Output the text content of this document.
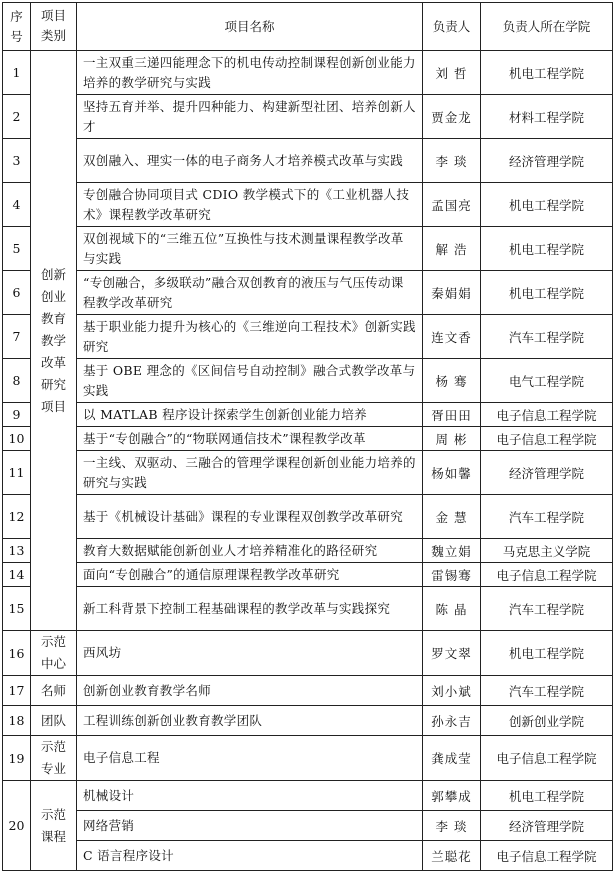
序号	项目类别	项目名称	负责人	负责人所在学院
1	创新创业教育教学改革研究项目	一主双重三递四能理念下的机电传动控制课程创新创业能力培养的教学研究与实践	刘 哲	机电工程学院
2		坚持五育并举、提升四种能力、构建新型社团、培养创新人才	贾金龙	材料工程学院
3		双创融入、理实一体的电子商务人才培养模式改革与实践	李 琰	经济管理学院
4		专创融合协同项目式 CDIO 教学模式下的《工业机器人技术》课程教学改革研究	孟国亮	机电工程学院
5		双创视域下的“三维五位”互换性与技术测量课程教学改革与实践	解 浩	机电工程学院
6		“专创融合，多级联动”融合双创教育的液压与气压传动课程教学改革研究	秦娟娟	机电工程学院
7		基于职业能力提升为核心的《三维逆向工程技术》创新实践研究	连文香	汽车工程学院
8		基于 OBE 理念的《区间信号自动控制》融合式教学改革与实践	杨 骞	电气工程学院
9		以 MATLAB 程序设计探索学生创新创业能力培养	胥田田	电子信息工程学院
10		基于“专创融合”的“物联网通信技术”课程教学改革	周 彬	电子信息工程学院
11		一主线、双驱动、三融合的管理学课程创新创业能力培养的研究与实践	杨如馨	经济管理学院
12		基于《机械设计基础》课程的专业课程双创教学改革研究	金 慧	汽车工程学院
13		教育大数据赋能创新创业人才培养精准化的路径研究	魏立娟	马克思主义学院
14		面向“专创融合”的通信原理课程教学改革研究	雷锡骞	电子信息工程学院
15		新工科背景下控制工程基础课程的教学改革与实践探究	陈 晶	汽车工程学院
16	示范中心	西风坊	罗文翠	机电工程学院
17	名师	创新创业教育教学名师	刘小斌	汽车工程学院
18	团队	工程训练创新创业教育教学团队	孙永吉	创新创业学院
19	示范专业	电子信息工程	龚成莹	电子信息工程学院
20	示范课程	机械设计	郭攀成	机电工程学院
		网络营销	李 琰	经济管理学院
		C 语言程序设计	兰聪花	电子信息工程学院
